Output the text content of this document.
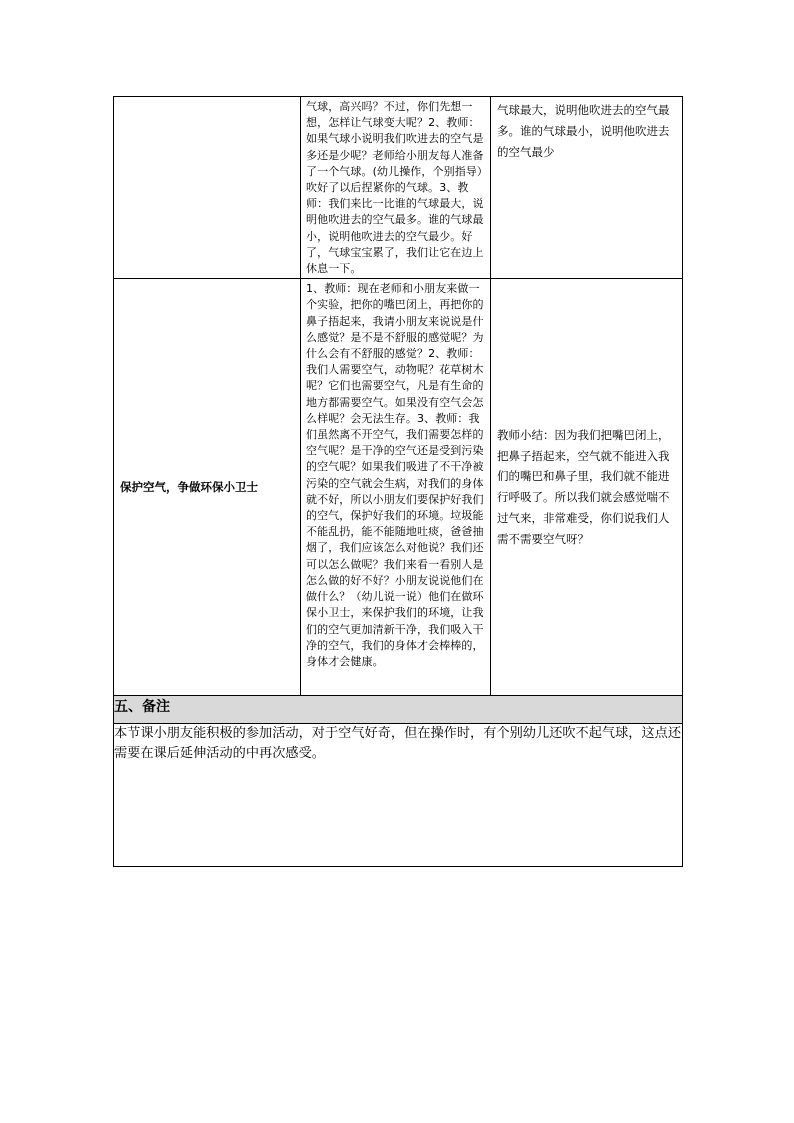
	气球，高兴吗？不过，你们先想一想，怎样让气球变大呢？2、教师：如果气球小说明我们吹进去的空气是多还是少呢？老师给小朋友每人准备了一个气球。(幼儿操作，个别指导）吹好了以后捏紧你的气球。3、教师：我们来比一比谁的气球最大，说明他吹进去的空气最多。谁的气球最小，说明他吹进去的空气最少。好了，气球宝宝累了，我们让它在边上休息一下。	气球最大，说明他吹进去的空气最多。谁的气球最小，说明他吹进去的空气最少

保护空气，争做环保小卫士	1、教师：现在老师和小朋友来做一个实验，把你的嘴巴闭上，再把你的鼻子捂起来，我请小朋友来说说是什么感觉？是不是不舒服的感觉呢？为什么会有不舒服的感觉？2、教师：我们人需要空气，动物呢？花草树木呢？它们也需要空气，凡是有生命的地方都需要空气。如果没有空气会怎么样呢？会无法生存。3、教师：我们虽然离不开空气，我们需要怎样的空气呢？是干净的空气还是受到污染的空气呢？如果我们吸进了不干净被污染的空气就会生病，对我们的身体就不好，所以小朋友们要保护好我们的空气，保护好我们的环境。垃圾能不能乱扔，能不能随地吐痰，爸爸抽烟了，我们应该怎么对他说？我们还可以怎么做呢？我们来看一看别人是怎么做的好不好？小朋友说说他们在做什么？（幼儿说一说）他们在做环保小卫士，来保护我们的环境，让我们的空气更加清新干净，我们吸入干净的空气，我们的身体才会棒棒的，身体才会健康。	教师小结：因为我们把嘴巴闭上，把鼻子捂起来，空气就不能进入我们的嘴巴和鼻子里，我们就不能进行呼吸了。所以我们就会感觉喘不过气来，非常难受，你们说我们人需不需要空气呀？

五、备注		
本节课小朋友能积极的参加活动，对于空气好奇，但在操作时，有个别幼儿还吹不起气球，这点还需要在课后延伸活动的中再次感受。		
